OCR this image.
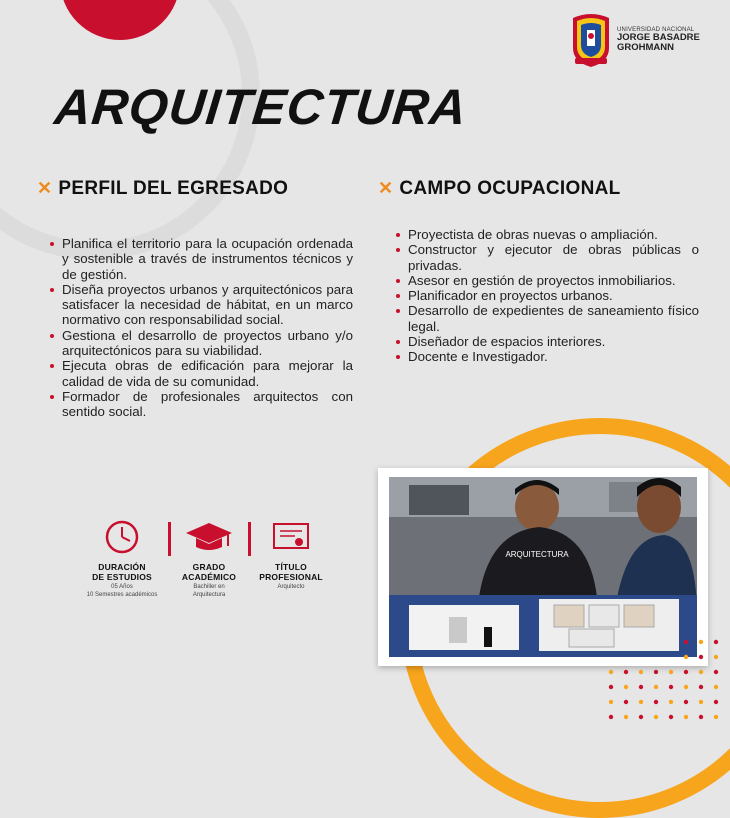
UNIVERSIDAD NACIONAL
JORGE BASADRE
GROHMANN
ARQUITECTURA
✕ PERFIL DEL EGRESADO	✕ CAMPO OCUPACIONAL
Planifica el territorio para la ocupación ordenada y sostenible a través de instrumentos técnicos y de gestión.
Diseña proyectos urbanos y arquitectónicos para satisfacer la necesidad de hábitat, en un marco normativo con responsabilidad social.
Gestiona el desarrollo de proyectos urbano y/o arquitectónicos para su viabilidad.
Ejecuta obras de edificación para mejorar la calidad de vida de su comunidad.
Formador de profesionales arquitectos con sentido social.
Proyectista de obras nuevas o ampliación.
Constructor y ejecutor de obras públicas o privadas.
Asesor en gestión de proyectos inmobiliarios.
Planificador en proyectos urbanos.
Desarrollo de expedientes de saneamiento físico legal.
Diseñador de espacios interiores.
Docente e Investigador.
DURACIÓN
DE ESTUDIOS
05 Años
10 Semestres académicos
GRADO
ACADÉMICO
Bachiller en
Arquitectura
TÍTULO
PROFESIONAL
Arquitecto
ARQUITECTURA
